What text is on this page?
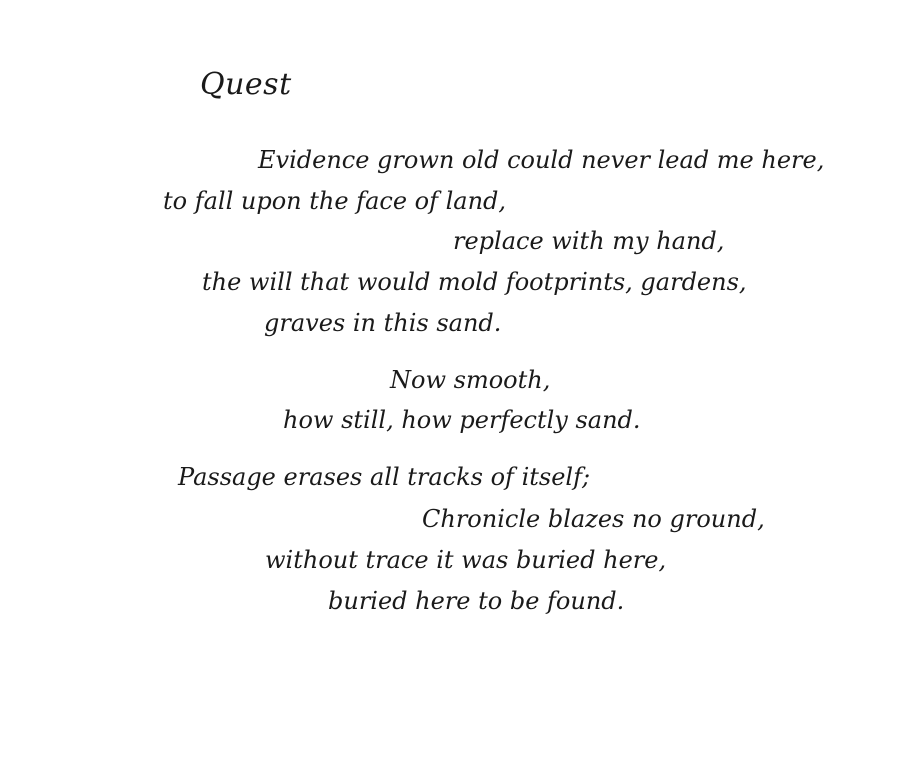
Quest
Evidence grown old could never lead me here,
to fall upon the face of land,
replace with my hand,
the will that would mold footprints, gardens,
graves in this sand.
Now smooth,
how still, how perfectly sand.
Passage erases all tracks of itself;
Chronicle blazes no ground,
without trace it was buried here,
buried here to be found.
